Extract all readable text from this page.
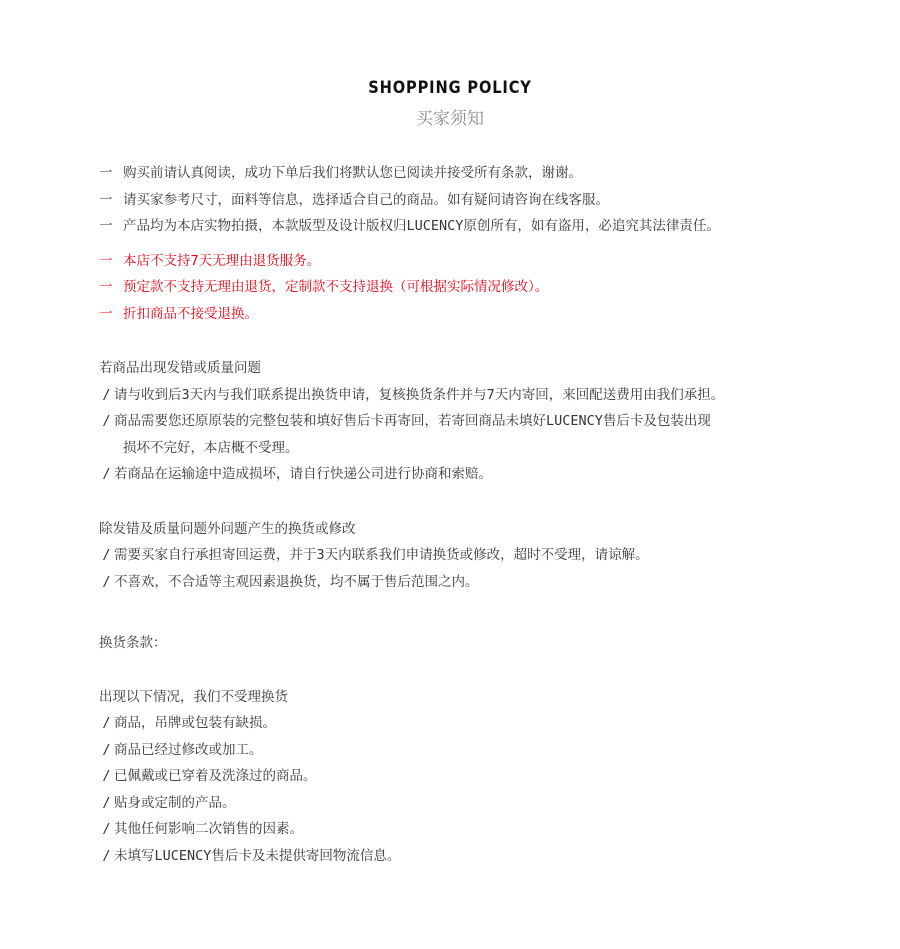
SHOPPING POLICY
买家须知
一 购买前请认真阅读，成功下单后我们将默认您已阅读并接受所有条款，谢谢。
一 请买家参考尺寸，面料等信息，选择适合自己的商品。如有疑问请咨询在线客服。
一 产品均为本店实物拍摄，本款版型及设计版权归LUCENCY原创所有，如有盗用，必追究其法律责任。
一 本店不支持7天无理由退货服务。
一 预定款不支持无理由退货，定制款不支持退换（可根据实际情况修改）。
一 折扣商品不接受退换。
若商品出现发错或质量问题
/ 请与收到后3天内与我们联系提出换货申请，复核换货条件并与7天内寄回，来回配送费用由我们承担。
/ 商品需要您还原原装的完整包装和填好售后卡再寄回，若寄回商品未填好LUCENCY售后卡及包装出现
损坏不完好，本店概不受理。
/ 若商品在运输途中造成损坏，请自行快递公司进行协商和索赔。
除发错及质量问题外问题产生的换货或修改
/ 需要买家自行承担寄回运费，并于3天内联系我们申请换货或修改，超时不受理，请谅解。
/ 不喜欢，不合适等主观因素退换货，均不属于售后范围之内。
换货条款：
出现以下情况，我们不受理换货
/ 商品，吊牌或包装有缺损。
/ 商品已经过修改或加工。
/ 已佩戴或已穿着及洗涤过的商品。
/ 贴身或定制的产品。
/ 其他任何影响二次销售的因素。
/ 未填写LUCENCY售后卡及未提供寄回物流信息。
